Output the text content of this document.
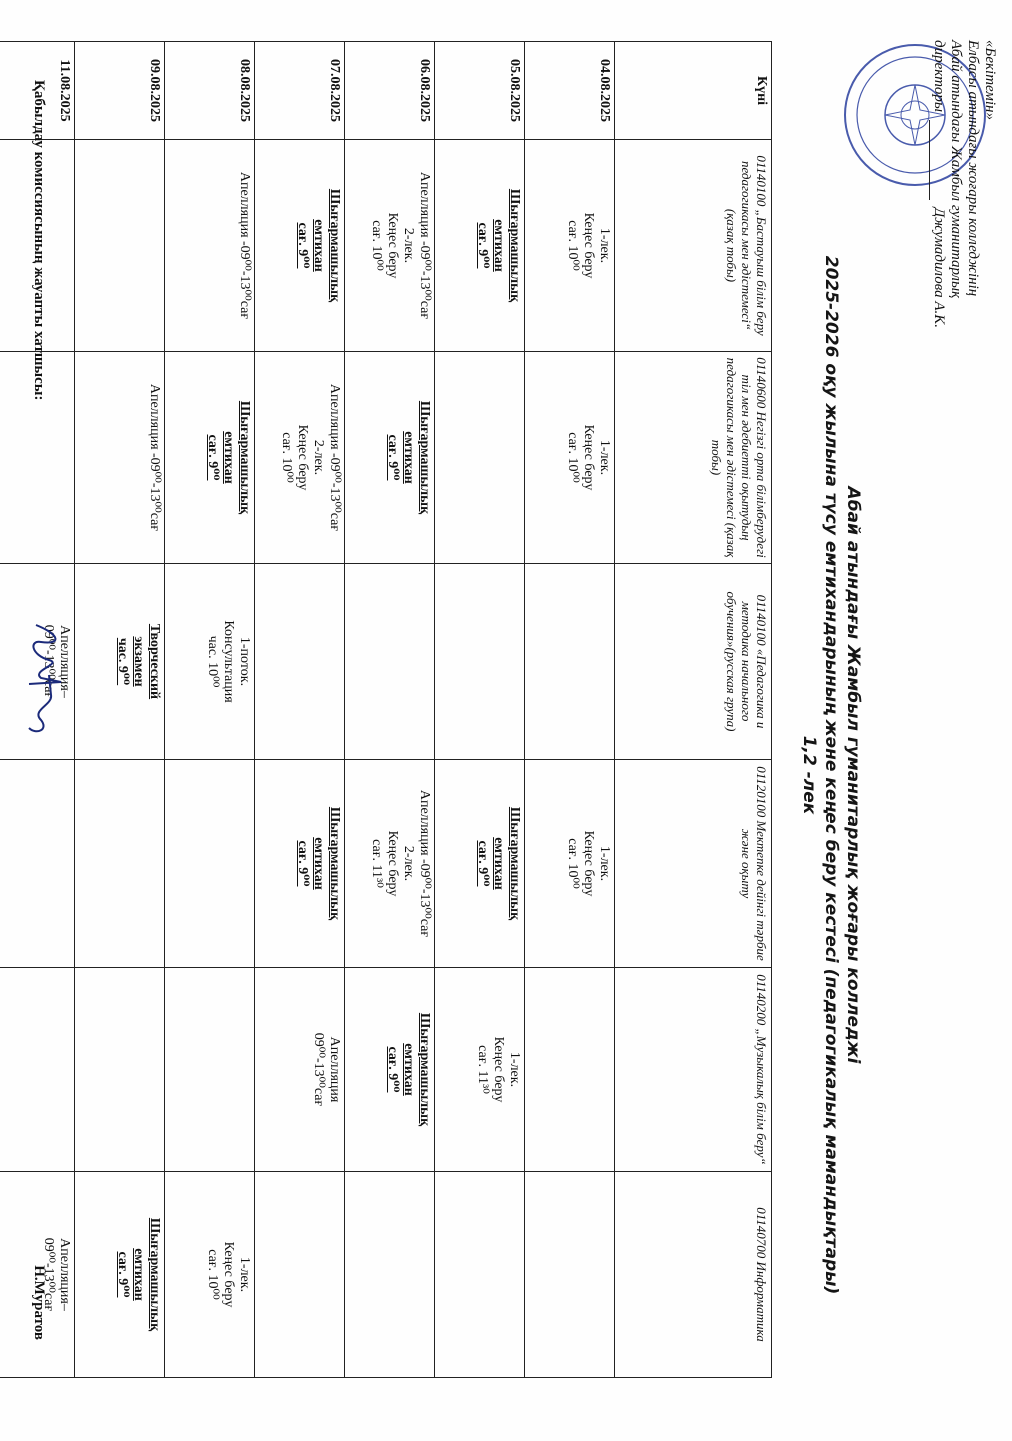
«Бекітемін»
Елбасы атындағы жоғары колледжінің
Абай атындағы Жамбыл гуманитарлық
директоры   Джумадилова А.К.
Абай атындағы Жамбыл гуманитарлық жоғары колледжі
2025-2026 оқу жылына түсу емтихандарының және кеңес беру кестесі (педагогикалық мамандықтары)
1,2 -лек
Күні	01140100 „Бастауыш білім беру педагогикасы мен әдістемесі“ (қазақ тобы)	01140600 Негізгі орта білімберудегі тіл мен әдебиетті оқытудың педагогикасы мен әдістемесі (қазақ тобы)	01140100 «Педагогика и методика начального обучения»(русская група)	01120100 Мектепке дейінгі тәрбие және оқыту	01140200 „Музыкалық білім беру“	01140700 Информатика
04.08.2025	1-лек.
Кеңес беру
сағ. 10⁰⁰	1-лек.
Кеңес беру
сағ. 10⁰⁰		1-лек.
Кеңес беру
сағ. 10⁰⁰		

05.08.2025	Шығармашылық
емтихан
сағ. 9⁰⁰			Шығармашылық
емтихан
сағ. 9⁰⁰	1-лек.
Кеңес беру
сағ. 11³⁰	

06.08.2025	Апелляция -09⁰⁰-13⁰⁰сағ
2-лек.
Кеңес беру
сағ. 10⁰⁰	Шығармашылық
емтихан
сағ. 9⁰⁰		Апелляция -09⁰⁰-13⁰⁰сағ
2-лек.
Кеңес беру
сағ. 11³⁰	Шығармашылық
емтихан
сағ. 9⁰⁰	

07.08.2025	Шығармашылық
емтихан
сағ. 9⁰⁰	Апелляция -09⁰⁰-13⁰⁰сағ
2-лек.
Кеңес беру
сағ. 10⁰⁰		Шығармашылық
емтихан
сағ. 9⁰⁰	Апелляция
09⁰⁰-13⁰⁰сағ	

08.08.2025	Апелляция -09⁰⁰-13⁰⁰сағ	Шығармашылық
емтихан
сағ. 9⁰⁰	1-поток.
Консультация
час. 10⁰⁰			1-лек.
Кеңес беру
сағ. 10⁰⁰

09.08.2025		Апелляция -09⁰⁰-13⁰⁰сағ	Творческий
экзамен
час. 9⁰⁰			Шығармашылық
емтихан
сағ. 9⁰⁰

11.08.2025			Апелляция–
09⁰⁰-13⁰⁰сағ			Апелляция–
09⁰⁰-13⁰⁰сағ
Қабылдау комиссиясының жауапты хатшысы:
Н.Муратов
